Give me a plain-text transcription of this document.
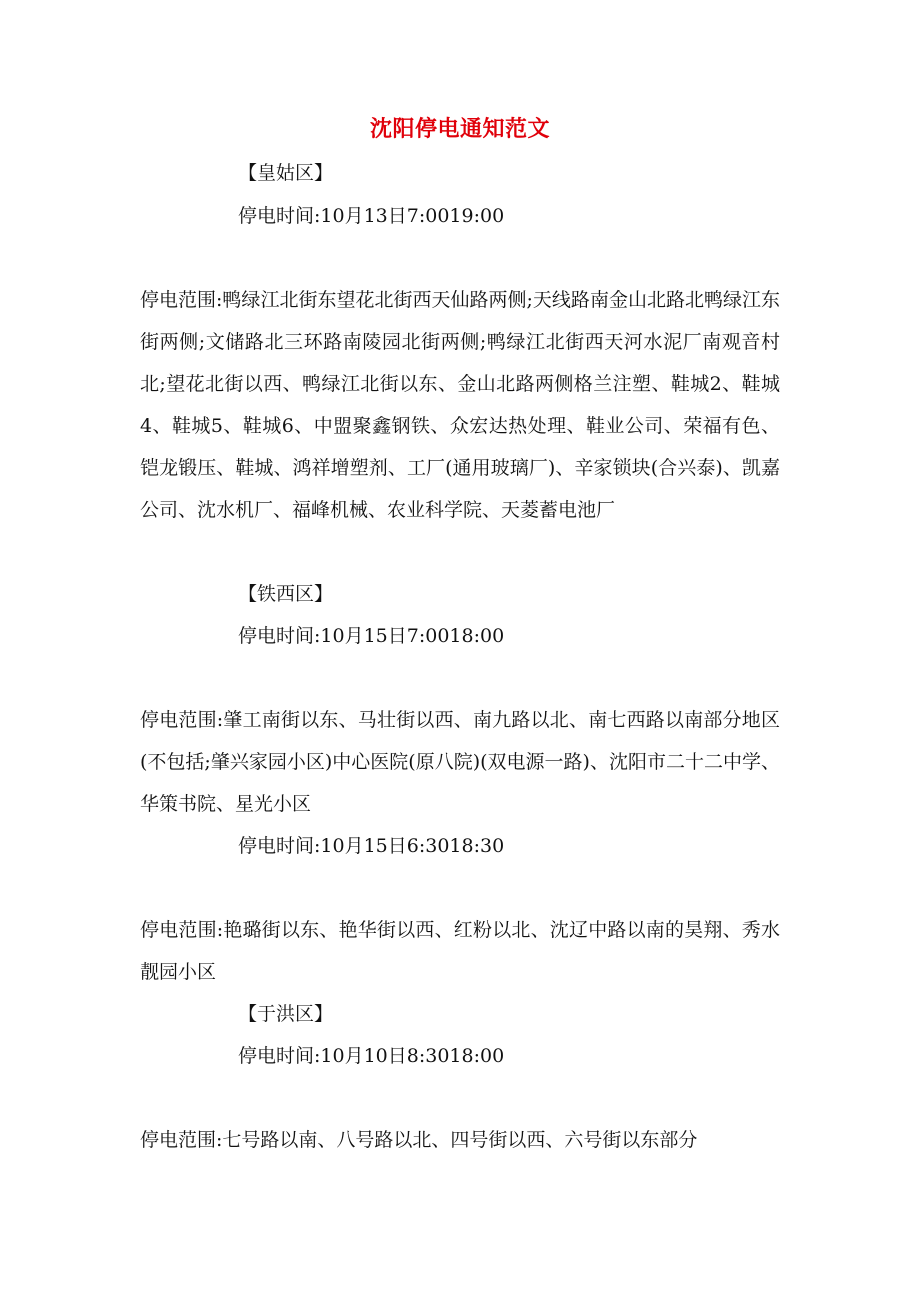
沈阳停电通知范文
【皇姑区】
停电时间:10月13日7:0019:00
停电范围:鸭绿江北街东望花北街西天仙路两侧;天线路南金山北路北鸭绿江东街两侧;文储路北三环路南陵园北街两侧;鸭绿江北街西天河水泥厂南观音村北;望花北街以西、鸭绿江北街以东、金山北路两侧格兰注塑、鞋城2、鞋城4、鞋城5、鞋城6、中盟聚鑫钢铁、众宏达热处理、鞋业公司、荣福有色、铠龙锻压、鞋城、鸿祥增塑剂、工厂(通用玻璃厂)、辛家锁块(合兴泰)、凯嘉公司、沈水机厂、福峰机械、农业科学院、天菱蓄电池厂
【铁西区】
停电时间:10月15日7:0018:00
停电范围:肇工南街以东、马壮街以西、南九路以北、南七西路以南部分地区(不包括;肇兴家园小区)中心医院(原八院)(双电源一路)、沈阳市二十二中学、华策书院、星光小区
停电时间:10月15日6:3018:30
停电范围:艳璐街以东、艳华街以西、红粉以北、沈辽中路以南的昊翔、秀水靓园小区
【于洪区】
停电时间:10月10日8:3018:00
停电范围:七号路以南、八号路以北、四号街以西、六号街以东部分
